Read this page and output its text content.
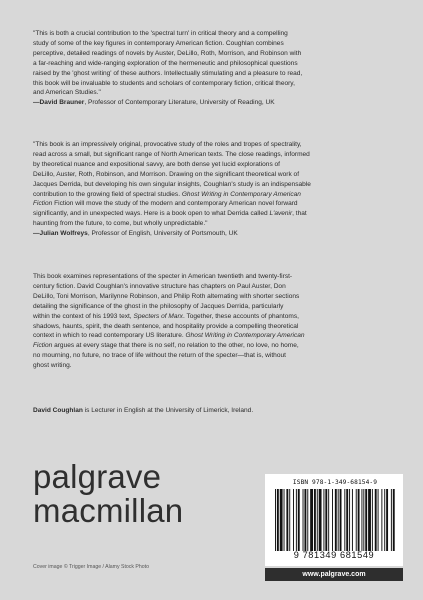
"This is both a crucial contribution to the 'spectral turn' in critical theory and a compelling
study of some of the key figures in contemporary American fiction. Coughlan combines
perceptive, detailed readings of novels by Auster, DeLillo, Roth, Morrison, and Robinson with
a far-reaching and wide-ranging exploration of the hermeneutic and philosophical questions
raised by the 'ghost writing' of these authors. Intellectually stimulating and a pleasure to read,
this book will be invaluable to students and scholars of contemporary fiction, critical theory,
and American Studies."
—David Brauner, Professor of Contemporary Literature, University of Reading, UK
"This book is an impressively original, provocative study of the roles and tropes of spectrality,
read across a small, but significant range of North American texts. The close readings, informed
by theoretical nuance and expositional savvy, are both dense yet lucid explorations of
DeLillo, Auster, Roth, Robinson, and Morrison. Drawing on the significant theoretical work of
Jacques Derrida, but developing his own singular insights, Coughlan's study is an indispensable
contribution to the growing field of spectral studies. Ghost Writing in Contemporary American
Fiction Fiction will move the study of the modern and contemporary American novel forward
significantly, and in unexpected ways. Here is a book open to what Derrida called L'avenir, that
haunting from the future, to come, but wholly unpredictable."
—Julian Wolfreys, Professor of English, University of Portsmouth, UK
This book examines representations of the specter in American twentieth and twenty-first-
century fiction. David Coughlan's innovative structure has chapters on Paul Auster, Don
DeLillo, Toni Morrison, Marilynne Robinson, and Philip Roth alternating with shorter sections
detailing the significance of the ghost in the philosophy of Jacques Derrida, particularly
within the context of his 1993 text, Specters of Marx. Together, these accounts of phantoms,
shadows, haunts, spirit, the death sentence, and hospitality provide a compelling theoretical
context in which to read contemporary US literature. Ghost Writing in Contemporary American
Fiction argues at every stage that there is no self, no relation to the other, no love, no home,
no mourning, no future, no trace of life without the return of the specter—that is, without
ghost writing.
David Coughlan is Lecturer in English at the University of Limerick, Ireland.
palgrave
macmillan
ISBN 978-1-349-68154-9
9 781349 681549
www.palgrave.com
Cover image © Trigger Image / Alamy Stock Photo
